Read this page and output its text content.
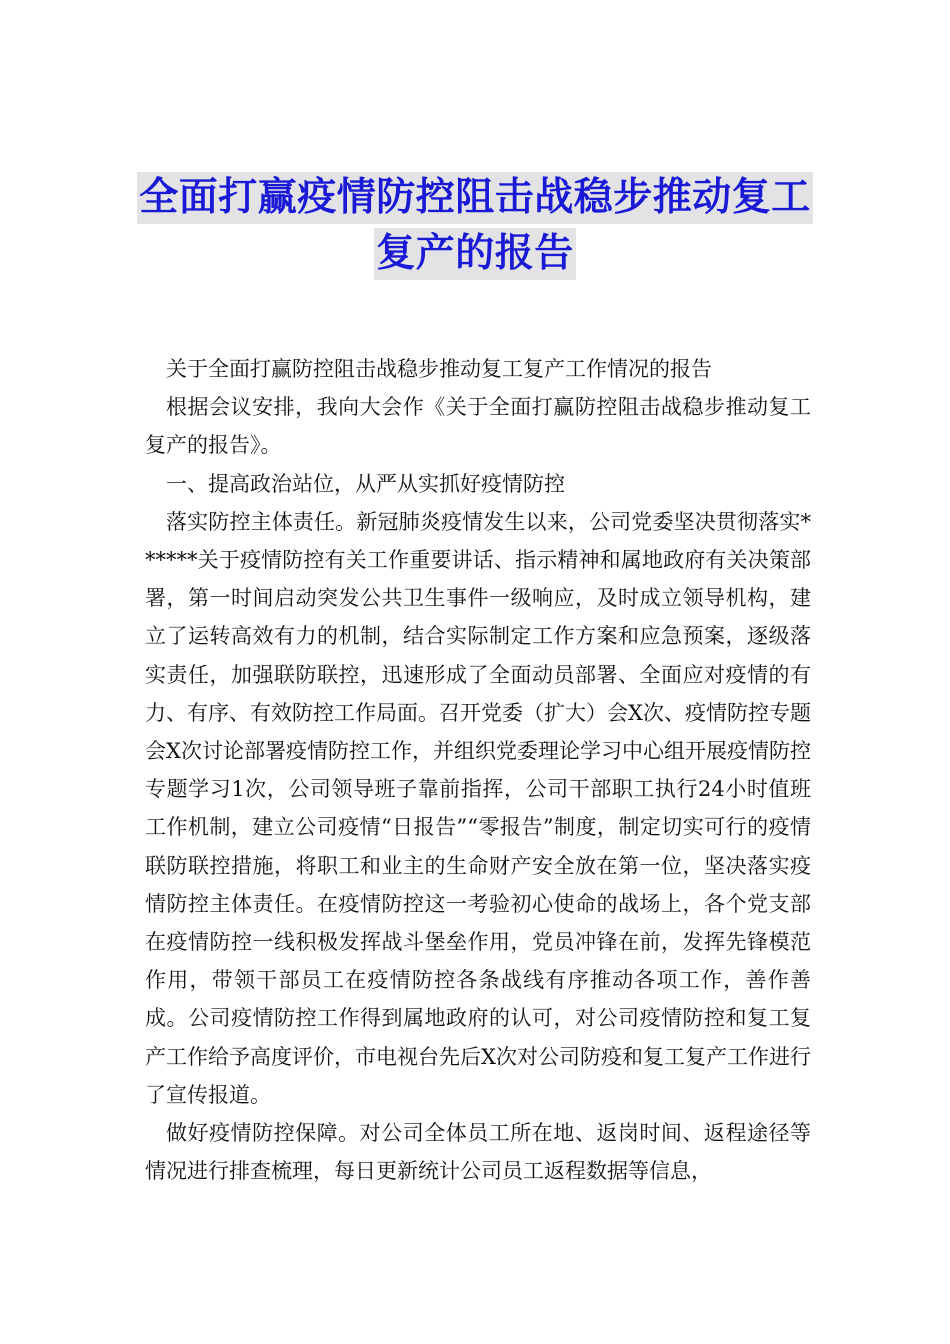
全面打赢疫情防控阻击战稳步推动复工
复产的报告

关于全面打赢防控阻击战稳步推动复工复产工作情况的报告

根据会议安排，我向大会作《关于全面打赢防控阻击战稳步推动复工复产的报告》。

一、提高政治站位，从严从实抓好疫情防控

落实防控主体责任。新冠肺炎疫情发生以来，公司党委坚决贯彻落实******关于疫情防控有关工作重要讲话、指示精神和属地政府有关决策部署，第一时间启动突发公共卫生事件一级响应，及时成立领导机构，建立了运转高效有力的机制，结合实际制定工作方案和应急预案，逐级落实责任，加强联防联控，迅速形成了全面动员部署、全面应对疫情的有力、有序、有效防控工作局面。召开党委（扩大）会X次、疫情防控专题会X次讨论部署疫情防控工作，并组织党委理论学习中心组开展疫情防控专题学习1次，公司领导班子靠前指挥，公司干部职工执行24小时值班工作机制，建立公司疫情“日报告”“零报告”制度，制定切实可行的疫情联防联控措施，将职工和业主的生命财产安全放在第一位，坚决落实疫情防控主体责任。在疫情防控这一考验初心使命的战场上，各个党支部在疫情防控一线积极发挥战斗堡垒作用，党员冲锋在前，发挥先锋模范作用，带领干部员工在疫情防控各条战线有序推动各项工作，善作善成。公司疫情防控工作得到属地政府的认可，对公司疫情防控和复工复产工作给予高度评价，市电视台先后X次对公司防疫和复工复产工作进行了宣传报道。

做好疫情防控保障。对公司全体员工所在地、返岗时间、返程途径等情况进行排查梳理，每日更新统计公司员工返程数据等信息，
